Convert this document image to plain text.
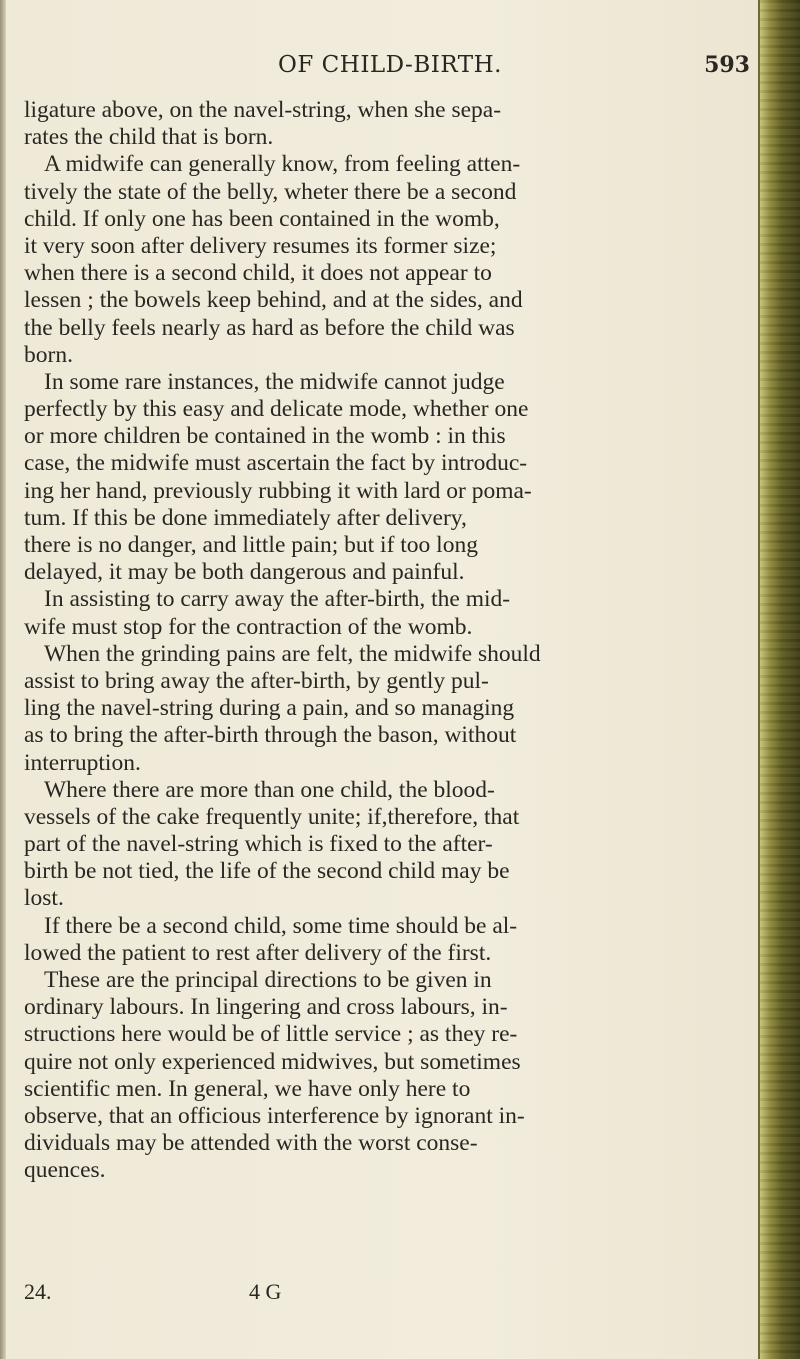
OF CHILD-BIRTH.	593
ligature above, on the navel-string, when she sepa-
rates the child that is born.
A midwife can generally know, from feeling atten-
tively the state of the belly, wheter there be a second
child. If only one has been contained in the womb,
it very soon after delivery resumes its former size;
when there is a second child, it does not appear to
lessen ; the bowels keep behind, and at the sides, and
the belly feels nearly as hard as before the child was
born.
In some rare instances, the midwife cannot judge
perfectly by this easy and delicate mode, whether one
or more children be contained in the womb : in this
case, the midwife must ascertain the fact by introduc-
ing her hand, previously rubbing it with lard or poma-
tum. If this be done immediately after delivery,
there is no danger, and little pain; but if too long
delayed, it may be both dangerous and painful.
In assisting to carry away the after-birth, the mid-
wife must stop for the contraction of the womb.
When the grinding pains are felt, the midwife should
assist to bring away the after-birth, by gently pul-
ling the navel-string during a pain, and so managing
as to bring the after-birth through the bason, without
interruption.
Where there are more than one child, the blood-
vessels of the cake frequently unite; if,therefore, that
part of the navel-string which is fixed to the after-
birth be not tied, the life of the second child may be
lost.
If there be a second child, some time should be al-
lowed the patient to rest after delivery of the first.
These are the principal directions to be given in
ordinary labours. In lingering and cross labours, in-
structions here would be of little service ; as they re-
quire not only experienced midwives, but sometimes
scientific men. In general, we have only here to
observe, that an officious interference by ignorant in-
dividuals may be attended with the worst conse-
quences.
24.	4 G
